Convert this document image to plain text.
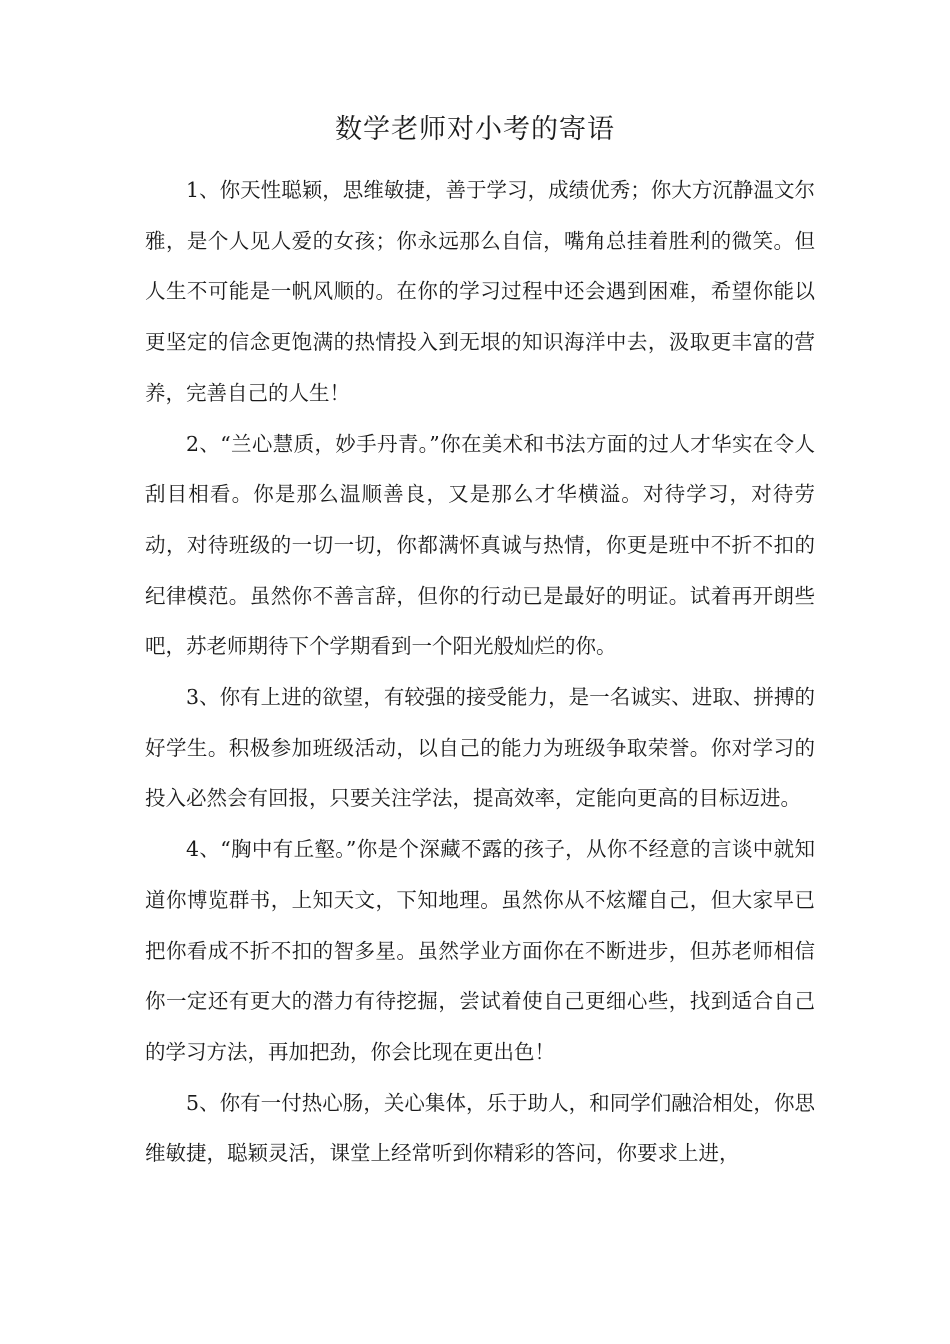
数学老师对小考的寄语

1、你天性聪颖，思维敏捷，善于学习，成绩优秀；你大方沉静温文尔雅，是个人见人爱的女孩；你永远那么自信，嘴角总挂着胜利的微笑。但人生不可能是一帆风顺的。在你的学习过程中还会遇到困难，希望你能以更坚定的信念更饱满的热情投入到无垠的知识海洋中去，汲取更丰富的营养，完善自己的人生！

2、“兰心慧质，妙手丹青。”你在美术和书法方面的过人才华实在令人刮目相看。你是那么温顺善良，又是那么才华横溢。对待学习，对待劳动，对待班级的一切一切，你都满怀真诚与热情，你更是班中不折不扣的纪律模范。虽然你不善言辞，但你的行动已是最好的明证。试着再开朗些吧，苏老师期待下个学期看到一个阳光般灿烂的你。

3、你有上进的欲望，有较强的接受能力，是一名诚实、进取、拼搏的好学生。积极参加班级活动，以自己的能力为班级争取荣誉。你对学习的投入必然会有回报，只要关注学法，提高效率，定能向更高的目标迈进。

4、“胸中有丘壑。”你是个深藏不露的孩子，从你不经意的言谈中就知道你博览群书，上知天文，下知地理。虽然你从不炫耀自己，但大家早已把你看成不折不扣的智多星。虽然学业方面你在不断进步，但苏老师相信你一定还有更大的潜力有待挖掘，尝试着使自己更细心些，找到适合自己的学习方法，再加把劲，你会比现在更出色！

5、你有一付热心肠，关心集体，乐于助人，和同学们融洽相处，你思维敏捷，聪颖灵活，课堂上经常听到你精彩的答问，你要求上进，
